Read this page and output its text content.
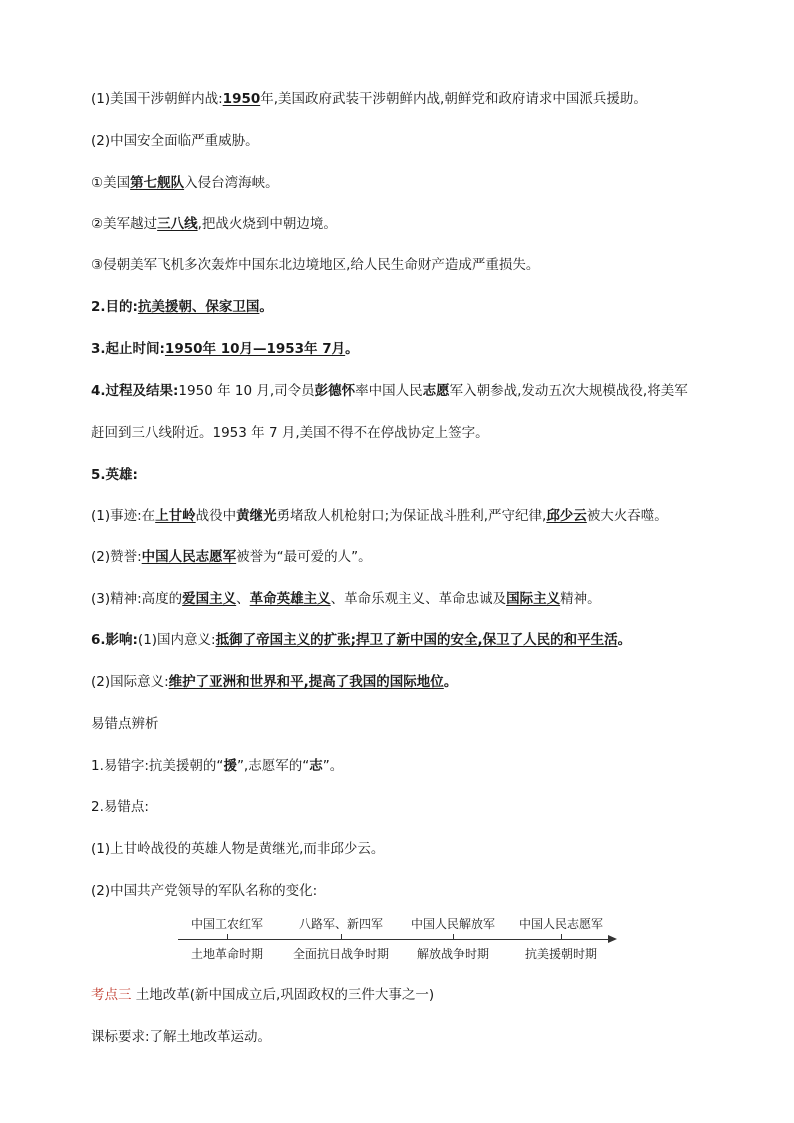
(1)美国干涉朝鲜内战:1950年,美国政府武装干涉朝鲜内战,朝鲜党和政府请求中国派兵援助。
(2)中国安全面临严重威胁。
①美国第七舰队入侵台湾海峡。
②美军越过三八线,把战火烧到中朝边境。
③侵朝美军飞机多次轰炸中国东北边境地区,给人民生命财产造成严重损失。
2.目的:抗美援朝、保家卫国。
3.起止时间:1950年 10月—1953年 7月。
4.过程及结果:1950 年 10 月,司令员彭德怀率中国人民志愿军入朝参战,发动五次大规模战役,将美军
赶回到三八线附近。1953 年 7 月,美国不得不在停战协定上签字。
5.英雄:
(1)事迹:在上甘岭战役中黄继光勇堵敌人机枪射口;为保证战斗胜利,严守纪律,邱少云被大火吞噬。
(2)赞誉:中国人民志愿军被誉为“最可爱的人”。
(3)精神:高度的爱国主义、革命英雄主义、革命乐观主义、革命忠诚及国际主义精神。
6.影响:(1)国内意义:抵御了帝国主义的扩张;捍卫了新中国的安全,保卫了人民的和平生活。
(2)国际意义:维护了亚洲和世界和平,提高了我国的国际地位。
易错点辨析
1.易错字:抗美援朝的“援”,志愿军的“志”。
2.易错点:
(1)上甘岭战役的英雄人物是黄继光,而非邱少云。
(2)中国共产党领导的军队名称的变化:
考点三 土地改革(新中国成立后,巩固政权的三件大事之一)
课标要求:了解土地改革运动。
中国工农红军	八路军、新四军 中国人民解放军 中国人民志愿军
土地革命时期 全面抗日战争时期 解放战争时期	抗美援朝时期
